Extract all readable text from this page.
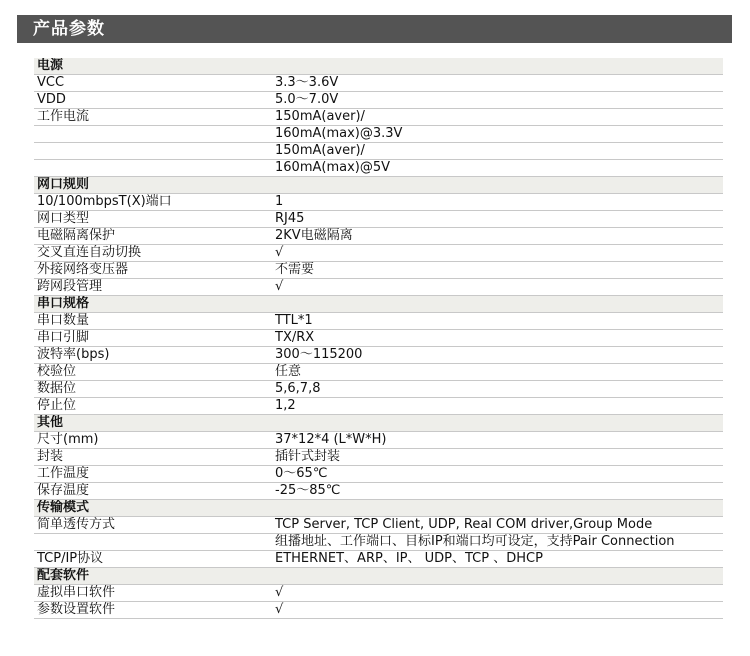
产品参数
电源	
VCC	3.3～3.6V
VDD	5.0～7.0V
工作电流	150mA(aver)/
	160mA(max)@3.3V
	150mA(aver)/
	160mA(max)@5V
网口规则	
10/100mbpsT(X)端口	1
网口类型	RJ45
电磁隔离保护	2KV电磁隔离
交叉直连自动切换	√
外接网络变压器	不需要
跨网段管理	√
串口规格	
串口数量	TTL*1
串口引脚	TX/RX
波特率(bps)	300～115200
校验位	任意
数据位	5,6,7,8
停止位	1,2
其他	
尺寸(mm)	37*12*4 (L*W*H)
封装	插针式封装
工作温度	0～65℃
保存温度	-25～85℃
传输模式	
简单透传方式	TCP Server, TCP Client, UDP, Real COM driver,Group Mode
	组播地址、工作端口、目标IP和端口均可设定，支持Pair Connection
TCP/IP协议	ETHERNET、ARP、IP、 UDP、TCP 、DHCP
配套软件	
虚拟串口软件	√
参数设置软件	√
